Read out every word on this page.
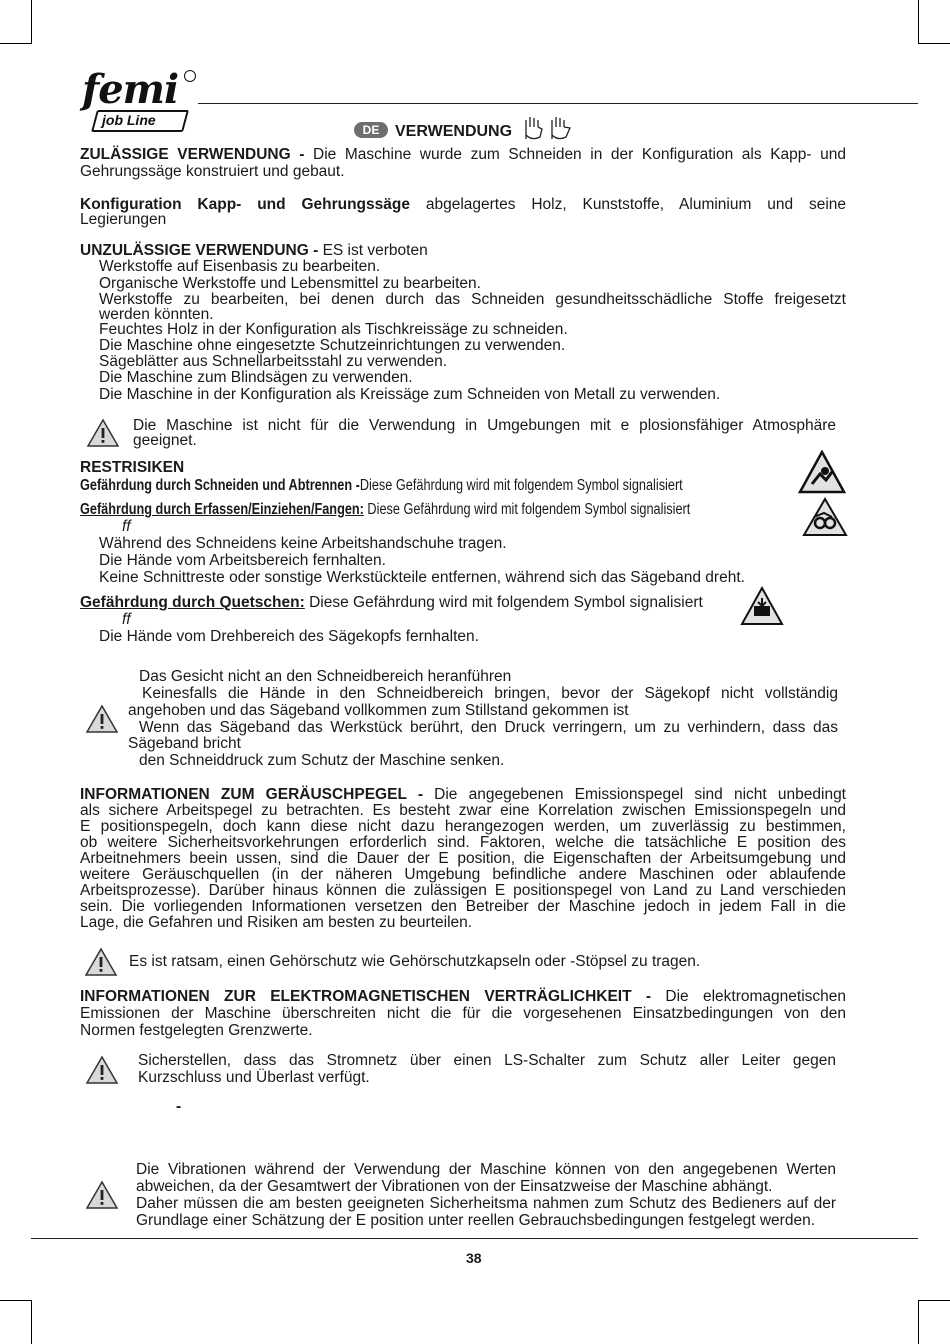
femi
job Line
DE VERWENDUNG
ZULÄSSIGE VERWENDUNG - Die Maschine wurde zum Schneiden in der Konfiguration als Kapp- und
Gehrungssäge konstruiert und gebaut.
Konfiguration Kapp- und Gehrungssäge abgelagertes Holz, Kunststoffe, Aluminium und seine
Legierungen
UNZULÄSSIGE VERWENDUNG - ES ist verboten
Werkstoffe auf Eisenbasis zu bearbeiten.
Organische Werkstoffe und Lebensmittel zu bearbeiten.
Werkstoffe zu bearbeiten, bei denen durch das Schneiden gesundheitsschädliche Stoffe freigesetzt
werden könnten.
Feuchtes Holz in der Konfiguration als Tischkreissäge zu schneiden.
Die Maschine ohne eingesetzte Schutzeinrichtungen zu verwenden.
Sägeblätter aus Schnellarbeitsstahl zu verwenden.
Die Maschine zum Blindsägen zu verwenden.
Die Maschine in der Konfiguration als Kreissäge zum Schneiden von Metall zu verwenden.
Die Maschine ist nicht für die Verwendung in Umgebungen mit e plosionsfähiger Atmosphäre
geeignet.
RESTRISIKEN
Gefährdung durch Schneiden und Abtrennen -Diese Gefährdung wird mit folgendem Symbol signalisiert
Gefährdung durch Erfassen/Einziehen/Fangen: Diese Gefährdung wird mit folgendem Symbol signalisiert
ff
Während des Schneidens keine Arbeitshandschuhe tragen.
Die Hände vom Arbeitsbereich fernhalten.
Keine Schnittreste oder sonstige Werkstückteile entfernen, während sich das Sägeband dreht.
Gefährdung durch Quetschen: Diese Gefährdung wird mit folgendem Symbol signalisiert
ff
Die Hände vom Drehbereich des Sägekopfs fernhalten.
Das Gesicht nicht an den Schneidbereich heranführen
Keinesfalls die Hände in den Schneidbereich bringen, bevor der Sägekopf nicht vollständig
angehoben und das Sägeband vollkommen zum Stillstand gekommen ist
Wenn das Sägeband das Werkstück berührt, den Druck verringern, um zu verhindern, dass das
Sägeband bricht
den Schneiddruck zum Schutz der Maschine senken.
INFORMATIONEN ZUM GERÄUSCHPEGEL - Die angegebenen Emissionspegel sind nicht unbedingt
als sichere Arbeitspegel zu betrachten. Es besteht zwar eine Korrelation zwischen Emissionspegeln und
E positionspegeln, doch kann diese nicht dazu herangezogen werden, um zuverlässig zu bestimmen,
ob weitere Sicherheitsvorkehrungen erforderlich sind. Faktoren, welche die tatsächliche E position des
Arbeitnehmers beein ussen, sind die Dauer der E position, die Eigenschaften der Arbeitsumgebung und
weitere Geräuschquellen (in der näheren Umgebung befindliche andere Maschinen oder ablaufende
Arbeitsprozesse). Darüber hinaus können die zulässigen E positionspegel von Land zu Land verschieden
sein. Die vorliegenden Informationen versetzen den Betreiber der Maschine jedoch in jedem Fall in die
Lage, die Gefahren und Risiken am besten zu beurteilen.
Es ist ratsam, einen Gehörschutz wie Gehörschutzkapseln oder -Stöpsel zu tragen.
INFORMATIONEN ZUR ELEKTROMAGNETISCHEN VERTRÄGLICHKEIT - Die elektromagnetischen
Emissionen der Maschine überschreiten nicht die für die vorgesehenen Einsatzbedingungen von den
Normen festgelegten Grenzwerte.
Sicherstellen, dass das Stromnetz über einen LS-Schalter zum Schutz aller Leiter gegen
Kurzschluss und Überlast verfügt.
-
Die Vibrationen während der Verwendung der Maschine können von den angegebenen Werten
abweichen, da der Gesamtwert der Vibrationen von der Einsatzweise der Maschine abhängt.
Daher müssen die am besten geeigneten Sicherheitsma nahmen zum Schutz des Bedieners auf der
Grundlage einer Schätzung der E position unter reellen Gebrauchsbedingungen festgelegt werden.
38
